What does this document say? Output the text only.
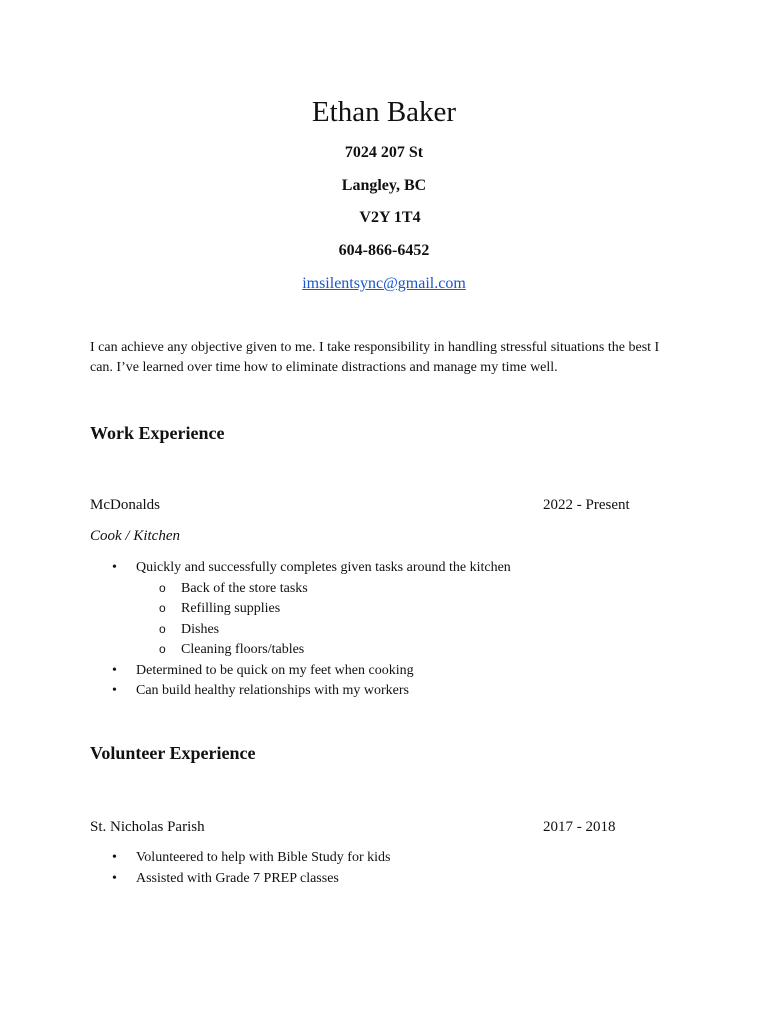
Ethan Baker
7024 207 St
Langley, BC
V2Y 1T4
604-866-6452
imsilentsync@gmail.com
I can achieve any objective given to me. I take responsibility in handling stressful situations the best I can. I’ve learned over time how to eliminate distractions and manage my time well.
Work Experience
McDonalds	2022 - Present
Cook / Kitchen
• Quickly and successfully completes given tasks around the kitchen
o Back of the store tasks
o Refilling supplies
o Dishes
o Cleaning floors/tables
• Determined to be quick on my feet when cooking
• Can build healthy relationships with my workers
Volunteer Experience
St. Nicholas Parish	2017 - 2018
• Volunteered to help with Bible Study for kids
• Assisted with Grade 7 PREP classes
